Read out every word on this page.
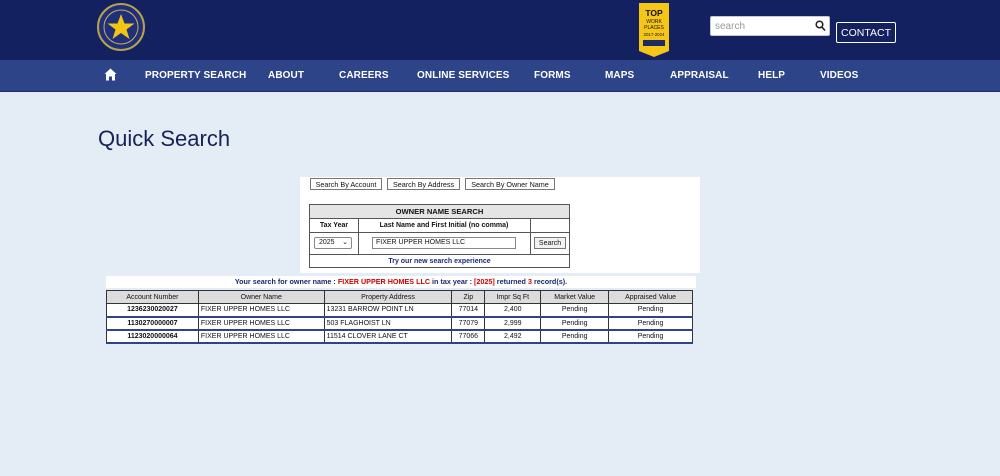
TOP
WORK
PLACES
2017-2024
search	CONTACT
PROPERTY SEARCH ABOUT	CAREERS	ONLINE SERVICES FORMS	MAPS	APPRAISAL	HELP	VIDEOS
Quick Search
Search By Account	Search By Address	Search By Owner Name
OWNER NAME SEARCH
Tax Year	Last Name and First Initial (no comma)
2025 ⌄	FIXER UPPER HOMES LLC	Search
Try our new search experience
Your search for owner name : FIXER UPPER HOMES LLC in tax year : [2025] returned 3 record(s).
Account Number	Owner Name	Property Address	Zip	Impr Sq Ft	Market Value	Appraised Value
1236230020027	FIXER UPPER HOMES LLC	13231 BARROW POINT LN	77014	2,400	Pending	Pending
1130270000007	FIXER UPPER HOMES LLC	503 FLAGHOIST LN	77079	2,999	Pending	Pending
1123020000064	FIXER UPPER HOMES LLC	11514 CLOVER LANE CT	77066	2,492	Pending	Pending
